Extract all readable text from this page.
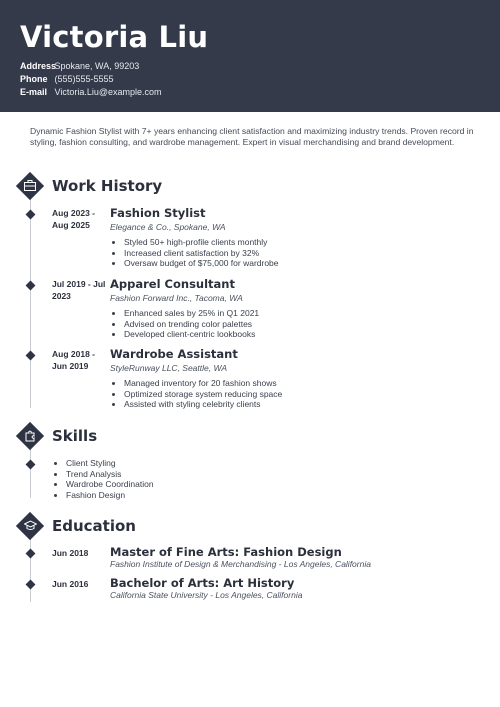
Victoria Liu
Address Spokane, WA, 99203
Phone (555)555-5555
E-mail Victoria.Liu@example.com
Dynamic Fashion Stylist with 7+ years enhancing client satisfaction and maximizing industry trends. Proven record in styling, fashion consulting, and wardrobe management. Expert in visual merchandising and brand development.
Work History
Aug 2023 - Aug 2025
Fashion Stylist
Elegance & Co., Spokane, WA
• Styled 50+ high-profile clients monthly
• Increased client satisfaction by 32%
• Oversaw budget of $75,000 for wardrobe
Jul 2019 - Jul 2023
Apparel Consultant
Fashion Forward Inc., Tacoma, WA
• Enhanced sales by 25% in Q1 2021
• Advised on trending color palettes
• Developed client-centric lookbooks
Aug 2018 - Jun 2019
Wardrobe Assistant
StyleRunway LLC, Seattle, WA
• Managed inventory for 20 fashion shows
• Optimized storage system reducing space
• Assisted with styling celebrity clients
Skills
• Client Styling
• Trend Analysis
• Wardrobe Coordination
• Fashion Design
Education
Jun 2018	Master of Fine Arts: Fashion Design
Fashion Institute of Design & Merchandising - Los Angeles, California
Jun 2016	Bachelor of Arts: Art History
California State University - Los Angeles, California
